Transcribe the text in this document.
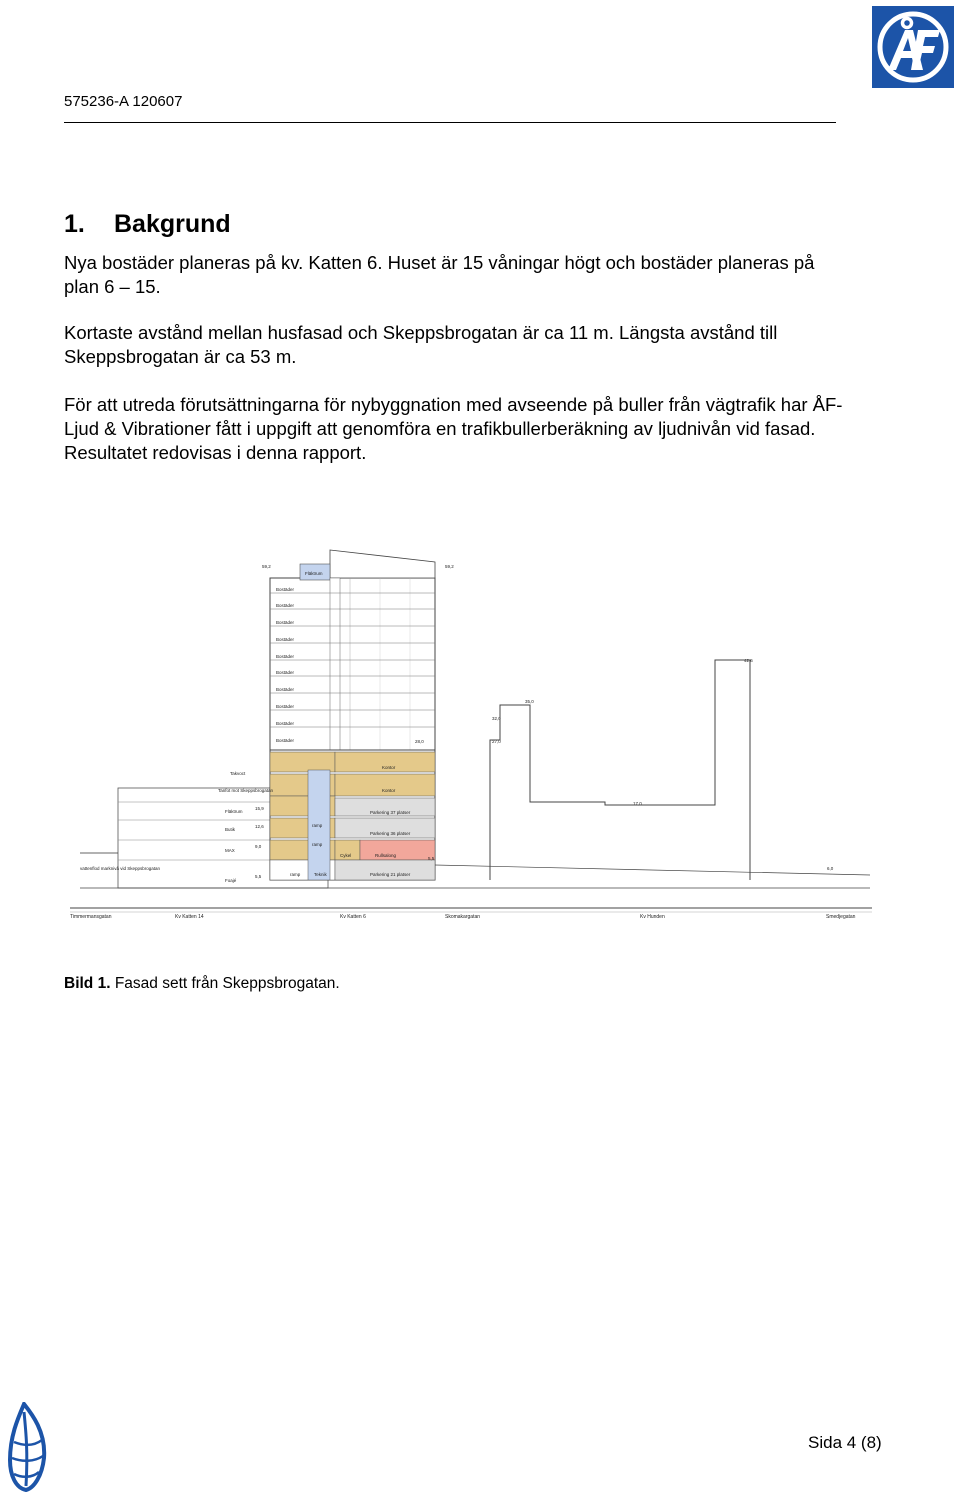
575236-A 120607
1. Bakgrund

Nya bostäder planeras på kv. Katten 6. Huset är 15 våningar högt och bostäder planeras på plan 6 – 15.

Kortaste avstånd mellan husfasad och Skeppsbrogatan är ca 11 m. Längsta avstånd till Skeppsbrogatan är ca 53 m.

För att utreda förutsättningarna för nybyggnation med avseende på buller från vägtrafik har ÅF-Ljud & Vibrationer fått i uppgift att genomföra en trafikbullerberäkning av ljudnivån vid fasad. Resultatet redovisas i denna rapport.

Bostäder
Bostäder
Bostäder
Bostäder
Bostäder
Bostäder
Bostäder
Bostäder
Bostäder
Bostäder
Fläktrum
Kontor
Kontor
Parkering 37 platser
Parkering 36 platser
Cykel	Rullsalong
Parkering 21 platser
ramp
ramp
ramp	Teknik
Takvoct
Tanfot mot Skeppsbrogatan
Fläktrum
Butik
MAX
Foajé
vattenflod marknivå vid Skeppsbrogatan
59,2	59,2
42,6
35,0
32,0
27,0
28,0
17,0
15,9
12,6
9,0
5,5
6,0
5,5
Timmermansgatan	Kv Katten 14	Kv Katten 6	Skomakargatan	Kv Hunden	Smedjegatan
Bild 1. Fasad sett från Skeppsbrogatan.
Sida 4 (8)
